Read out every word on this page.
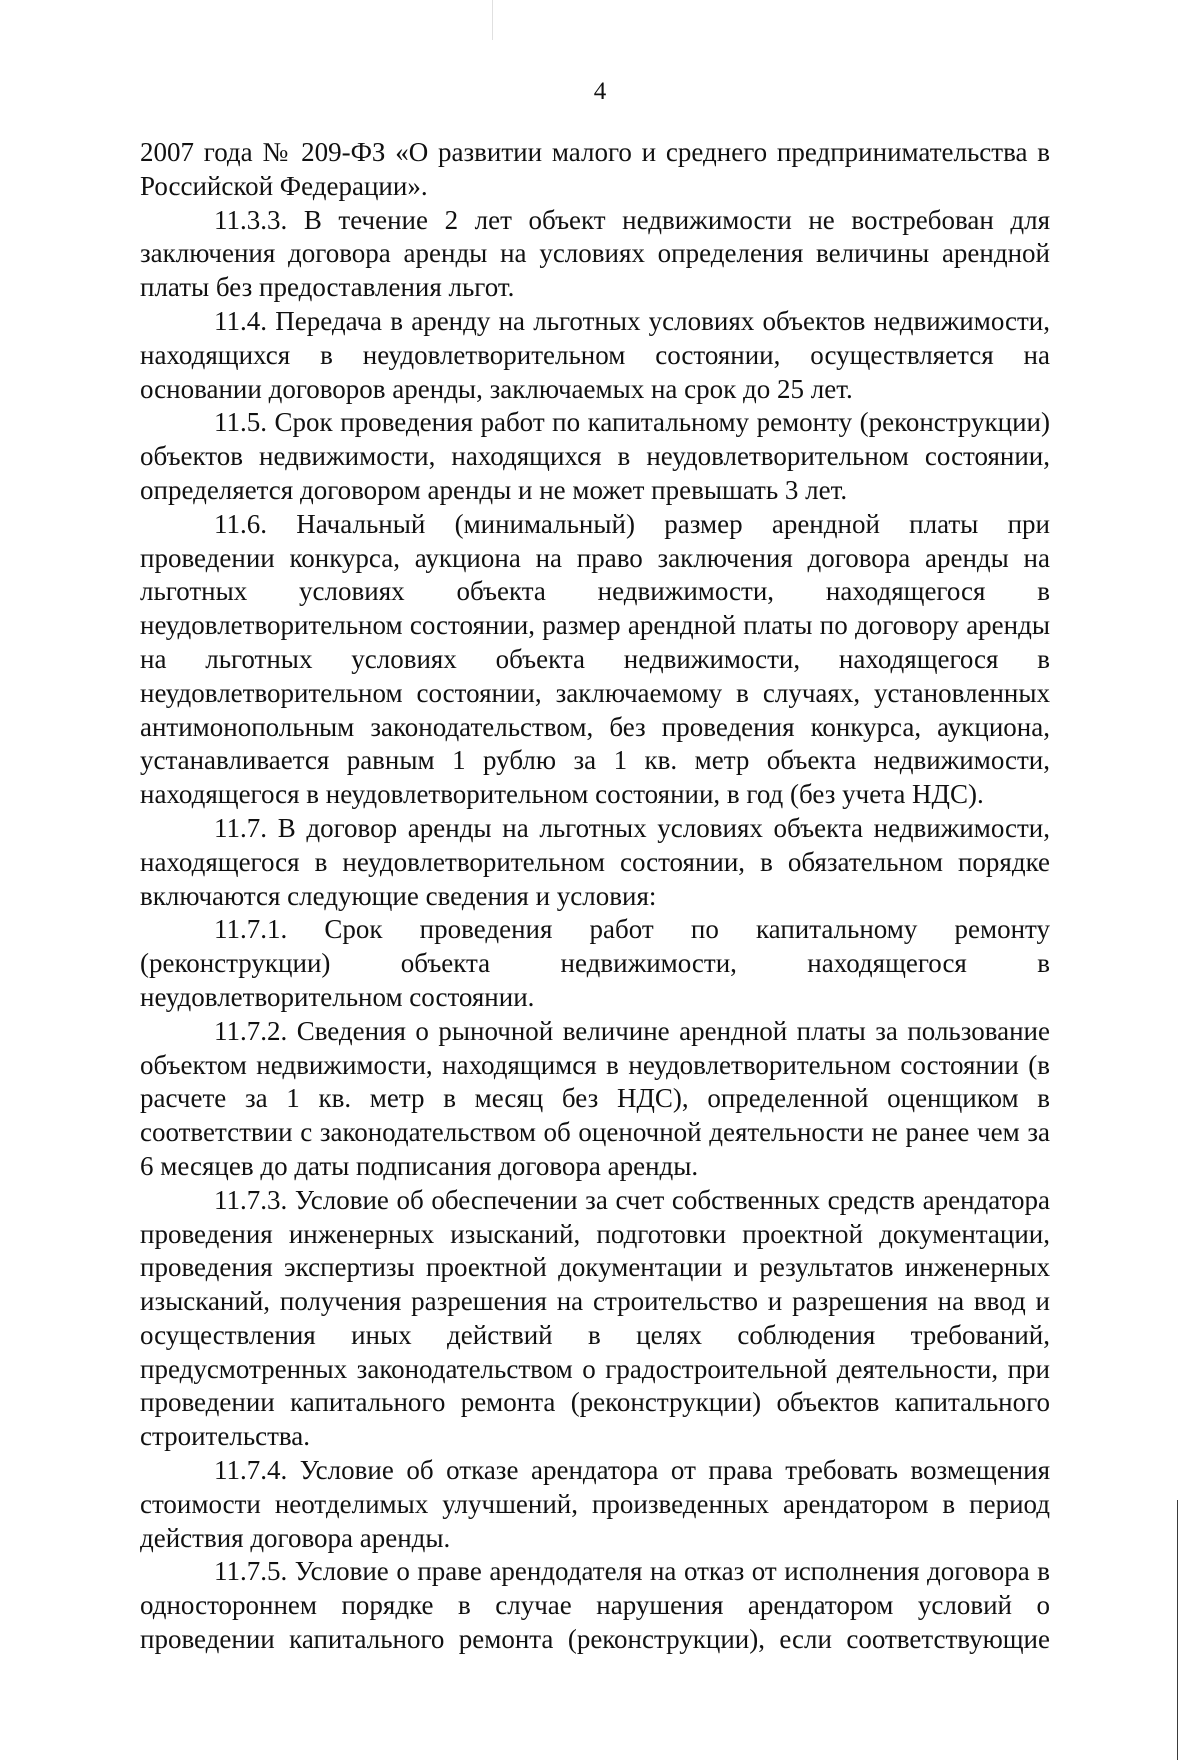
4

2007 года № 209-ФЗ «О развитии малого и среднего предпринимательства в Российской Федерации».

11.3.3. В течение 2 лет объект недвижимости не востребован для заключения договора аренды на условиях определения величины арендной платы без предоставления льгот.

11.4. Передача в аренду на льготных условиях объектов недвижимости, находящихся в неудовлетворительном состоянии, осуществляется на основании договоров аренды, заключаемых на срок до 25 лет.

11.5. Срок проведения работ по капитальному ремонту (реконструкции) объектов недвижимости, находящихся в неудовлетворительном состоянии, определяется договором аренды и не может превышать 3 лет.

11.6. Начальный (минимальный) размер арендной платы при проведении конкурса, аукциона на право заключения договора аренды на льготных условиях объекта недвижимости, находящегося в неудовлетворительном состоянии, размер арендной платы по договору аренды на льготных условиях объекта недвижимости, находящегося в неудовлетворительном состоянии, заключаемому в случаях, установленных антимонопольным законодательством, без проведения конкурса, аукциона, устанавливается равным 1 рублю за 1 кв. метр объекта недвижимости, находящегося в неудовлетворительном состоянии, в год (без учета НДС).

11.7. В договор аренды на льготных условиях объекта недвижимости, находящегося в неудовлетворительном состоянии, в обязательном порядке включаются следующие сведения и условия:

11.7.1. Срок проведения работ по капитальному ремонту (реконструкции) объекта недвижимости, находящегося в неудовлетворительном состоянии.

11.7.2. Сведения о рыночной величине арендной платы за пользование объектом недвижимости, находящимся в неудовлетворительном состоянии (в расчете за 1 кв. метр в месяц без НДС), определенной оценщиком в соответствии с законодательством об оценочной деятельности не ранее чем за 6 месяцев до даты подписания договора аренды.

11.7.3. Условие об обеспечении за счет собственных средств арендатора проведения инженерных изысканий, подготовки проектной документации, проведения экспертизы проектной документации и результатов инженерных изысканий, получения разрешения на строительство и разрешения на ввод и осуществления иных действий в целях соблюдения требований, предусмотренных законодательством о градостроительной деятельности, при проведении капитального ремонта (реконструкции) объектов капитального строительства.

11.7.4. Условие об отказе арендатора от права требовать возмещения стоимости неотделимых улучшений, произведенных арендатором в период действия договора аренды.

11.7.5. Условие о праве арендодателя на отказ от исполнения договора в одностороннем порядке в случае нарушения арендатором условий о проведении капитального ремонта (реконструкции), если соответствующие
